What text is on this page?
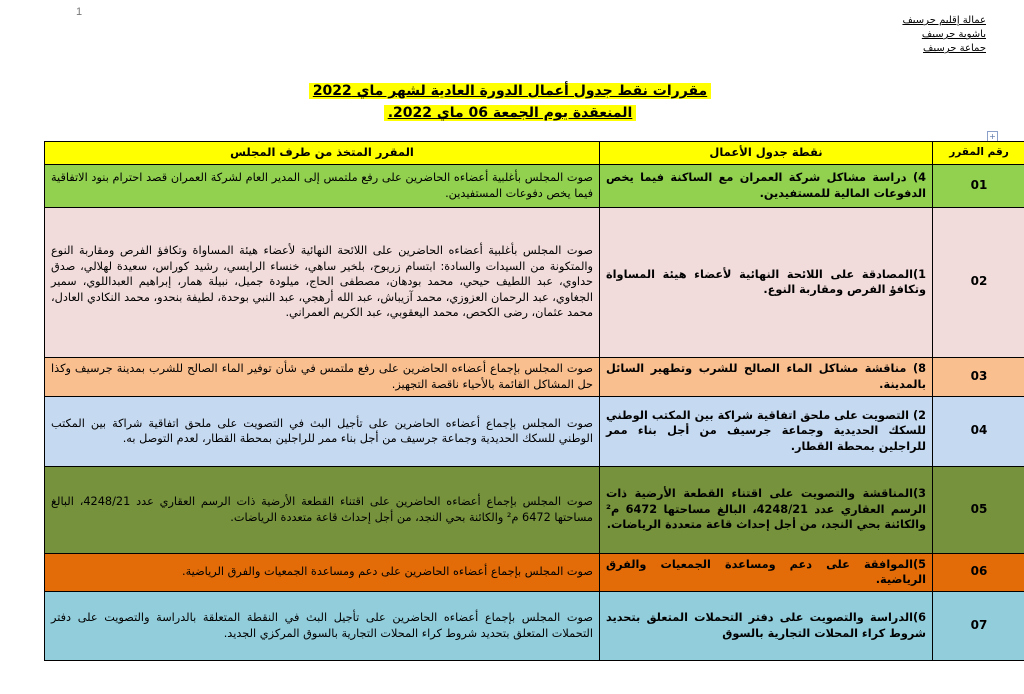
1
عمالة إقليم جرسيف
باشوية جرسيف
جماعة جرسيف
مقررات نقط جدول أعمال الدورة العادية لشهر ماي 2022
المنعقدة يوم الجمعة 06 ماي 2022.
+
رقم المقرر	نقطة جدول الأعمال	المقرر المتخذ من طرف المجلس
01	4) دراسة مشاكل شركة العمران مع الساكنة فيما يخص الدفوعات المالية للمستفيدين.	صوت المجلس بأغلبية أعضاءه الحاضرين على رفع ملتمس إلى المدير العام لشركة العمران قصد احترام بنود الاتفاقية فيما يخص دفوعات المستفيدين.
02	1)المصادقة على اللائحة النهائية لأعضاء هيئة المساواة وتكافؤ الفرص ومقاربة النوع.	صوت المجلس بأغلبية أعضاءه الحاضرين على اللائحة النهائية لأعضاء هيئة المساواة وتكافؤ الفرص ومقاربة النوع والمتكونة من السيدات والسادة: ابتسام زريوح، بلخير ساهي، خنساء الرايسي، رشيد كوراس، سعيدة لهلالي، صدق حداوي، عبد اللطيف حيحي، محمد بودهان، مصطفى الحاج، ميلودة جميل، نبيلة همار، إبراهيم العبداللوي، سمير الجغاوي، عبد الرحمان العزوزي، محمد آزيباش، عبد الله أرهجي، عبد النبي بوحدة، لطيفة بنحدو، محمد النكادي العادل، محمد عثمان، رضى الكحص، محمد اليعقوبي، عبد الكريم العمراني.
03	8) مناقشة مشاكل الماء الصالح للشرب وتطهير السائل بالمدينة.	صوت المجلس بإجماع أعضاءه الحاضرين على رفع ملتمس في شأن توفير الماء الصالح للشرب بمدينة جرسيف وكذا حل المشاكل القائمة بالأحياء ناقصة التجهيز.
04	2) التصويت على ملحق اتفاقية شراكة بين المكتب الوطني للسكك الحديدية وجماعة جرسيف من أجل بناء ممر للراجلين بمحطة القطار.	صوت المجلس بإجماع أعضاءه الحاضرين على تأجيل البث في التصويت على ملحق اتفاقية شراكة بين المكتب الوطني للسكك الحديدية وجماعة جرسيف من أجل بناء ممر للراجلين بمحطة القطار، لعدم التوصل به.
05	3)المناقشة والتصويت على اقتناء القطعة الأرضية ذات الرسم العقاري عدد 4248/21، البالغ مساحتها 6472 م² والكائنة بحي النجد، من أجل إحداث قاعة متعددة الرياضات.	صوت المجلس بإجماع أعضاءه الحاضرين على اقتناء القطعة الأرضية ذات الرسم العقاري عدد 4248/21، البالغ مساحتها 6472 م² والكائنة بحي النجد، من أجل إحداث قاعة متعددة الرياضات.
06	5)الموافقة على دعم ومساعدة الجمعيات والفرق الرياضية.	صوت المجلس بإجماع أعضاءه الحاضرين على دعم ومساعدة الجمعيات والفرق الرياضية.
07	6)الدراسة والتصويت على دفتر التحملات المتعلق بتحديد شروط كراء المحلات التجارية بالسوق	صوت المجلس بإجماع أعضاءه الحاضرين على تأجيل البث في النقطة المتعلقة بالدراسة والتصويت على دفتر التحملات المتعلق بتحديد شروط كراء المحلات التجارية بالسوق المركزي الجديد.
